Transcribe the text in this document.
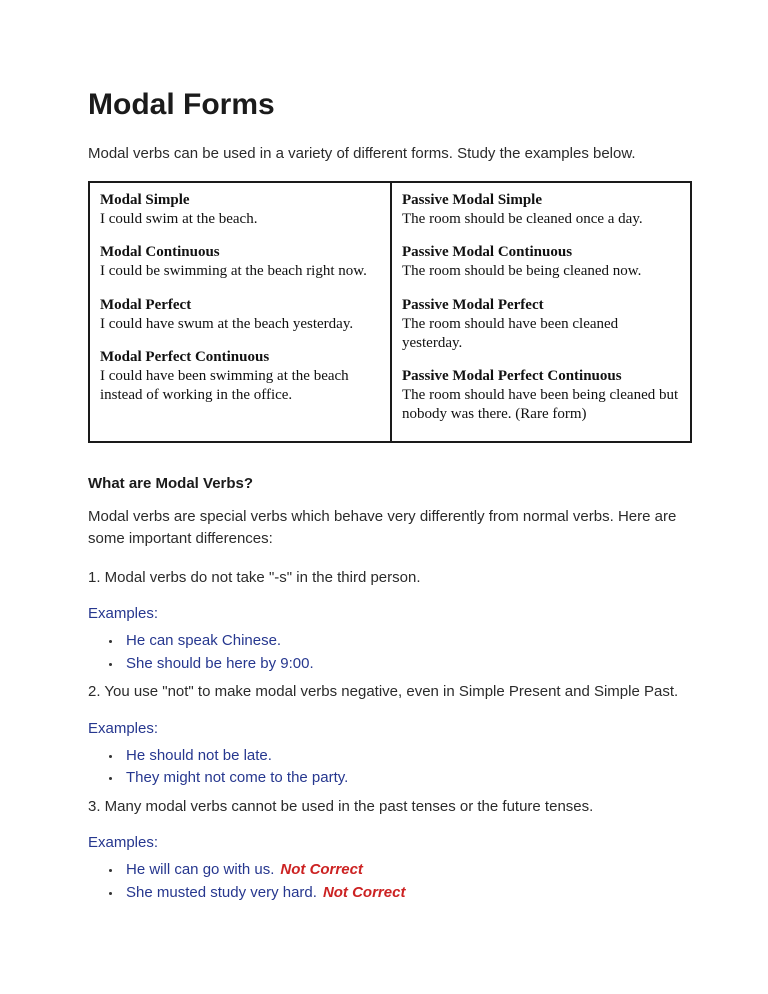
Modal Forms

Modal verbs can be used in a variety of different forms. Study the examples below.

Modal Simple

I could swim at the beach.

Modal Continuous

I could be swimming at the beach right now.

Modal Perfect

I could have swum at the beach yesterday.

Modal Perfect Continuous

I could have been swimming at the beach instead of working in the office.

Passive Modal Simple

The room should be cleaned once a day.

Passive Modal Continuous

The room should be being cleaned now.

Passive Modal Perfect

The room should have been cleaned yesterday.

Passive Modal Perfect Continuous

The room should have been being cleaned but nobody was there. (Rare form)

What are Modal Verbs?

Modal verbs are special verbs which behave very differently from normal verbs. Here are some important differences:

1. Modal verbs do not take "-s" in the third person.

Examples:

• He can speak Chinese.
• She should be here by 9:00.

2. You use "not" to make modal verbs negative, even in Simple Present and Simple Past.

Examples:

• He should not be late.
• They might not come to the party.

3. Many modal verbs cannot be used in the past tenses or the future tenses.

Examples:

• He will can go with us. Not Correct
• She musted study very hard. Not Correct
